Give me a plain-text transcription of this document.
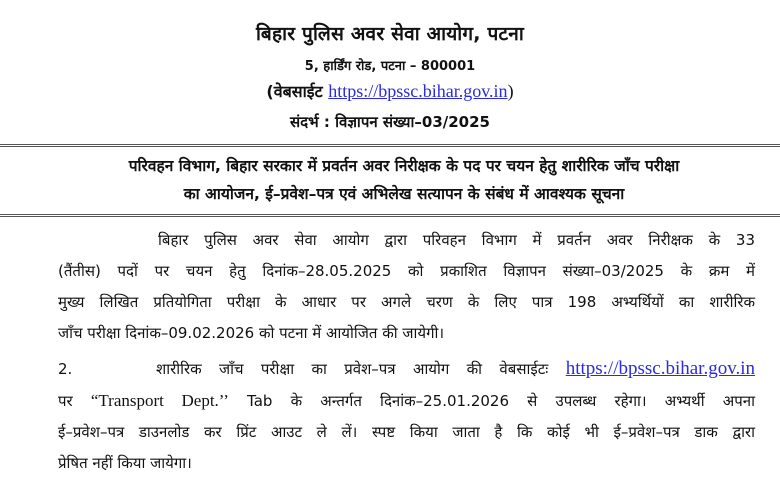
बिहार पुलिस अवर सेवा आयोग, पटना
5, हार्डिंग रोड, पटना – 800001
(वेबसाईट https://bpssc.bihar.gov.in)
संदर्भ : विज्ञापन संख्या–03/2025
परिवहन विभाग, बिहार सरकार में प्रवर्तन अवर निरीक्षक के पद पर चयन हेतु शारीरिक जाँच परीक्षा
का आयोजन, ई–प्रवेश–पत्र एवं अभिलेख सत्यापन के संबंध में आवश्यक सूचना
बिहार पुलिस अवर सेवा आयोग द्वारा परिवहन विभाग में प्रवर्तन अवर निरीक्षक के 33
(तैंतीस) पदों पर चयन हेतु दिनांक–28.05.2025 को प्रकाशित विज्ञापन संख्या–03/2025 के क्रम में
मुख्य लिखित प्रतियोगिता परीक्षा के आधार पर अगले चरण के लिए पात्र 198 अभ्यर्थियों का शारीरिक
जाँच परीक्षा दिनांक–09.02.2026 को पटना में आयोजित की जायेगी।
2.	शारीरिक जाँच परीक्षा का प्रवेश–पत्र आयोग की वेबसाईटः https://bpssc.bihar.gov.in
पर “Transport Dept.’’ Tab के अन्तर्गत दिनांक–25.01.2026 से उपलब्ध रहेगा। अभ्यर्थी अपना
ई–प्रवेश–पत्र डाउनलोड कर प्रिंट आउट ले लें। स्पष्ट किया जाता है कि कोई भी ई–प्रवेश–पत्र डाक द्वारा
प्रेषित नहीं किया जायेगा।
